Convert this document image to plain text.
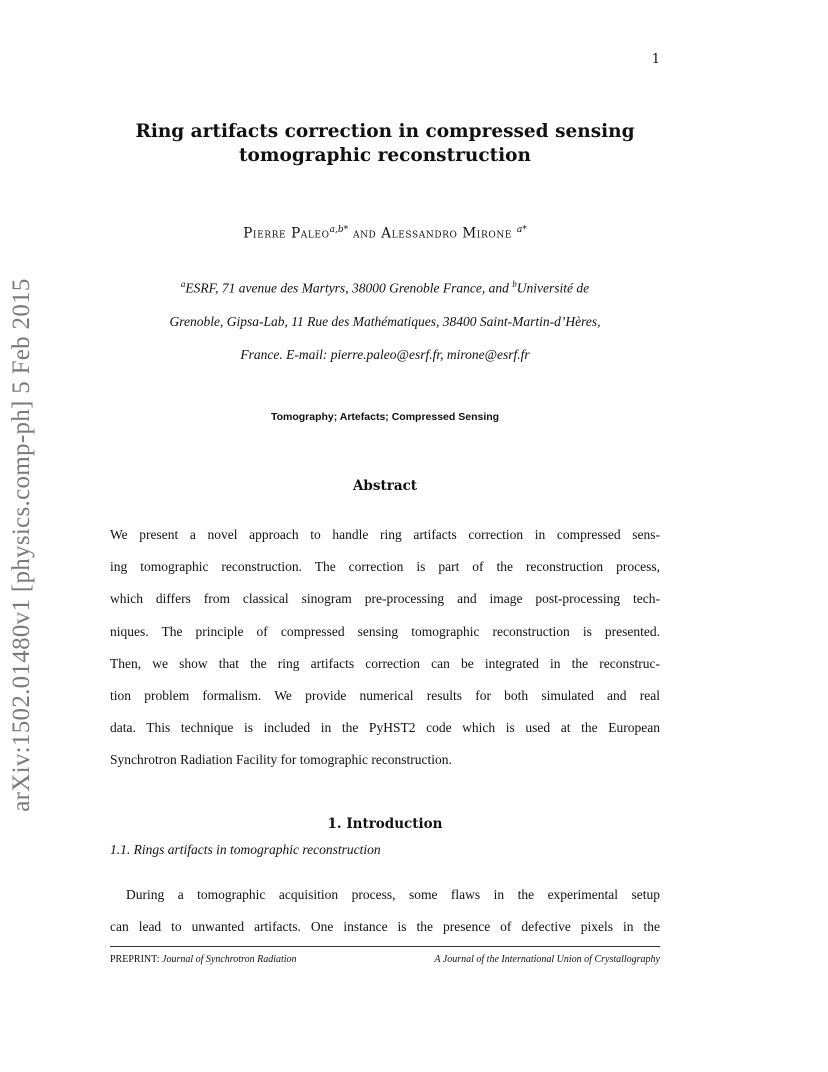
1
arXiv:1502.01480v1 [physics.comp-ph] 5 Feb 2015
Ring artifacts correction in compressed sensing
tomographic reconstruction
Pierre Paleo$^{a,b*}$ and Alessandro Mirone $^{a*}$
$^a$ESRF, 71 avenue des Martyrs, 38000 Grenoble France, and $^b$Université de
Grenoble, Gipsa-Lab, 11 Rue des Mathématiques, 38400 Saint-Martin-d’Hères,
France. E-mail: pierre.paleo@esrf.fr, mirone@esrf.fr
Tomography; Artefacts; Compressed Sensing
Abstract
We present a novel approach to handle ring artifacts correction in compressed sens-
ing tomographic reconstruction. The correction is part of the reconstruction process,
which differs from classical sinogram pre-processing and image post-processing tech-
niques. The principle of compressed sensing tomographic reconstruction is presented.
Then, we show that the ring artifacts correction can be integrated in the reconstruc-
tion problem formalism. We provide numerical results for both simulated and real
data. This technique is included in the PyHST2 code which is used at the European
Synchrotron Radiation Facility for tomographic reconstruction.
1. Introduction
1.1. Rings artifacts in tomographic reconstruction
During a tomographic acquisition process, some flaws in the experimental setup
can lead to unwanted artifacts. One instance is the presence of defective pixels in the
PREPRINT: Journal of Synchrotron Radiation	A Journal of the International Union of Crystallography
